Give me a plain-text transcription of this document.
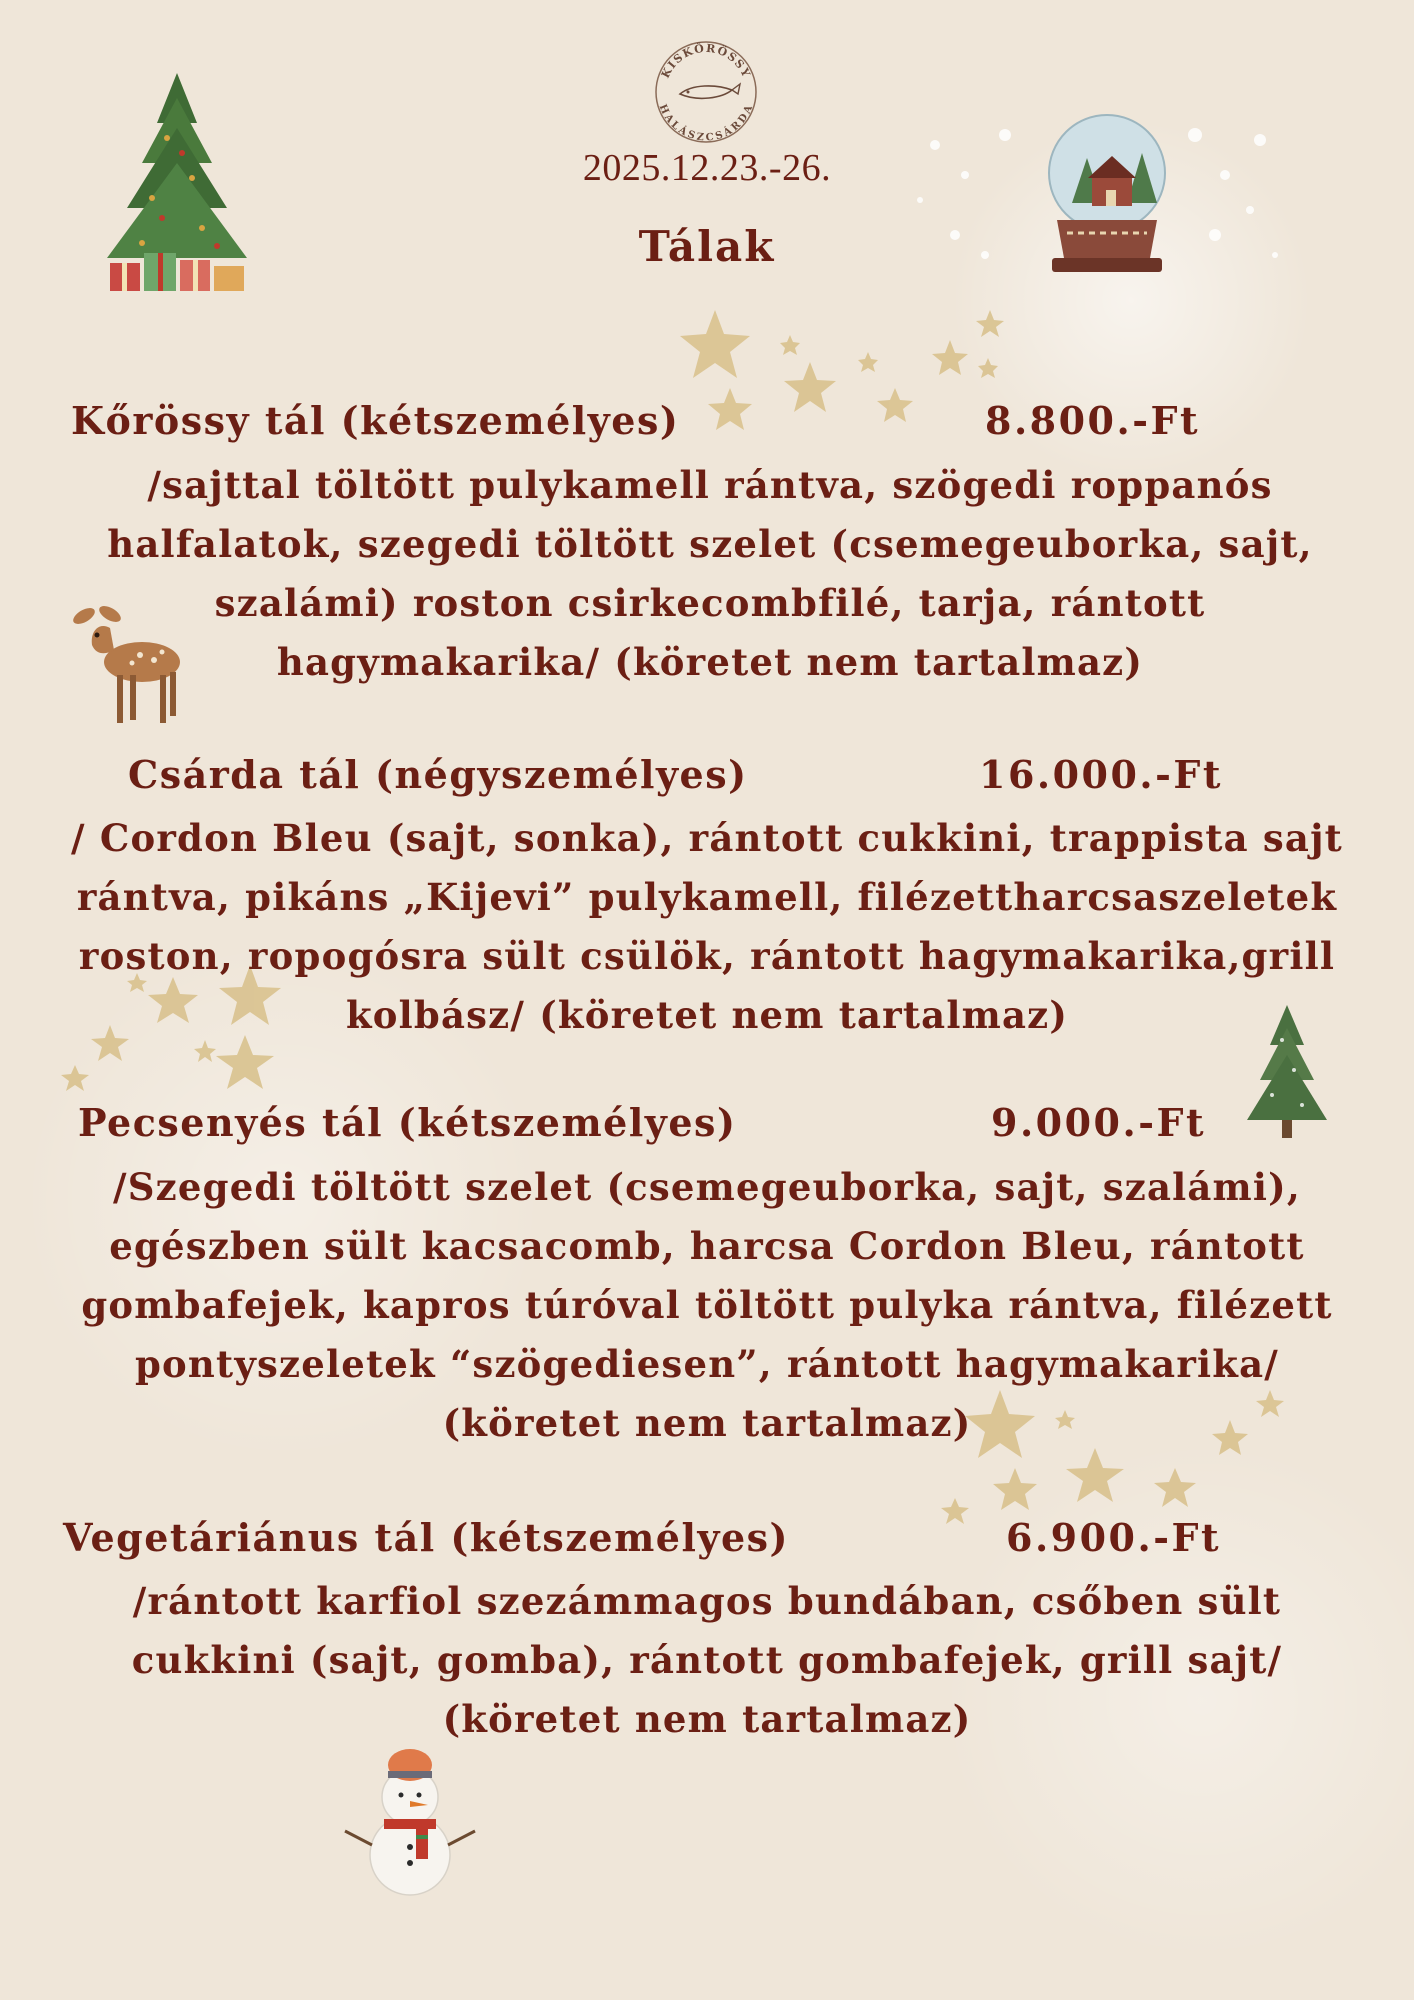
KISKŐRÖSSY
HALÁSZCSÁRDA
2025.12.23.-26.
Tálak
Kőrössy tál (kétszemélyes)	8.800.-Ft
/sajttal töltött pulykamell rántva, szögedi roppanós
halfalatok, szegedi töltött szelet (csemegeuborka, sajt,
szalámi) roston csirkecombfilé, tarja, rántott
hagymakarika/ (köretet nem tartalmaz)
Csárda tál (négyszemélyes)	16.000.-Ft
/ Cordon Bleu (sajt, sonka), rántott cukkini, trappista sajt
rántva, pikáns „Kijevi” pulykamell, filézettharcsaszeletek
roston, ropogósra sült csülök, rántott hagymakarika,grill
kolbász/ (köretet nem tartalmaz)
Pecsenyés tál (kétszemélyes)	9.000.-Ft
/Szegedi töltött szelet (csemegeuborka, sajt, szalámi),
egészben sült kacsacomb, harcsa Cordon Bleu, rántott
gombafejek, kapros túróval töltött pulyka rántva, filézett
pontyszeletek “szögediesen”, rántott hagymakarika/
(köretet nem tartalmaz)
Vegetáriánus tál (kétszemélyes)	6.900.-Ft
/rántott karfiol szezámmagos bundában, csőben sült
cukkini (sajt, gomba), rántott gombafejek, grill sajt/
(köretet nem tartalmaz)
